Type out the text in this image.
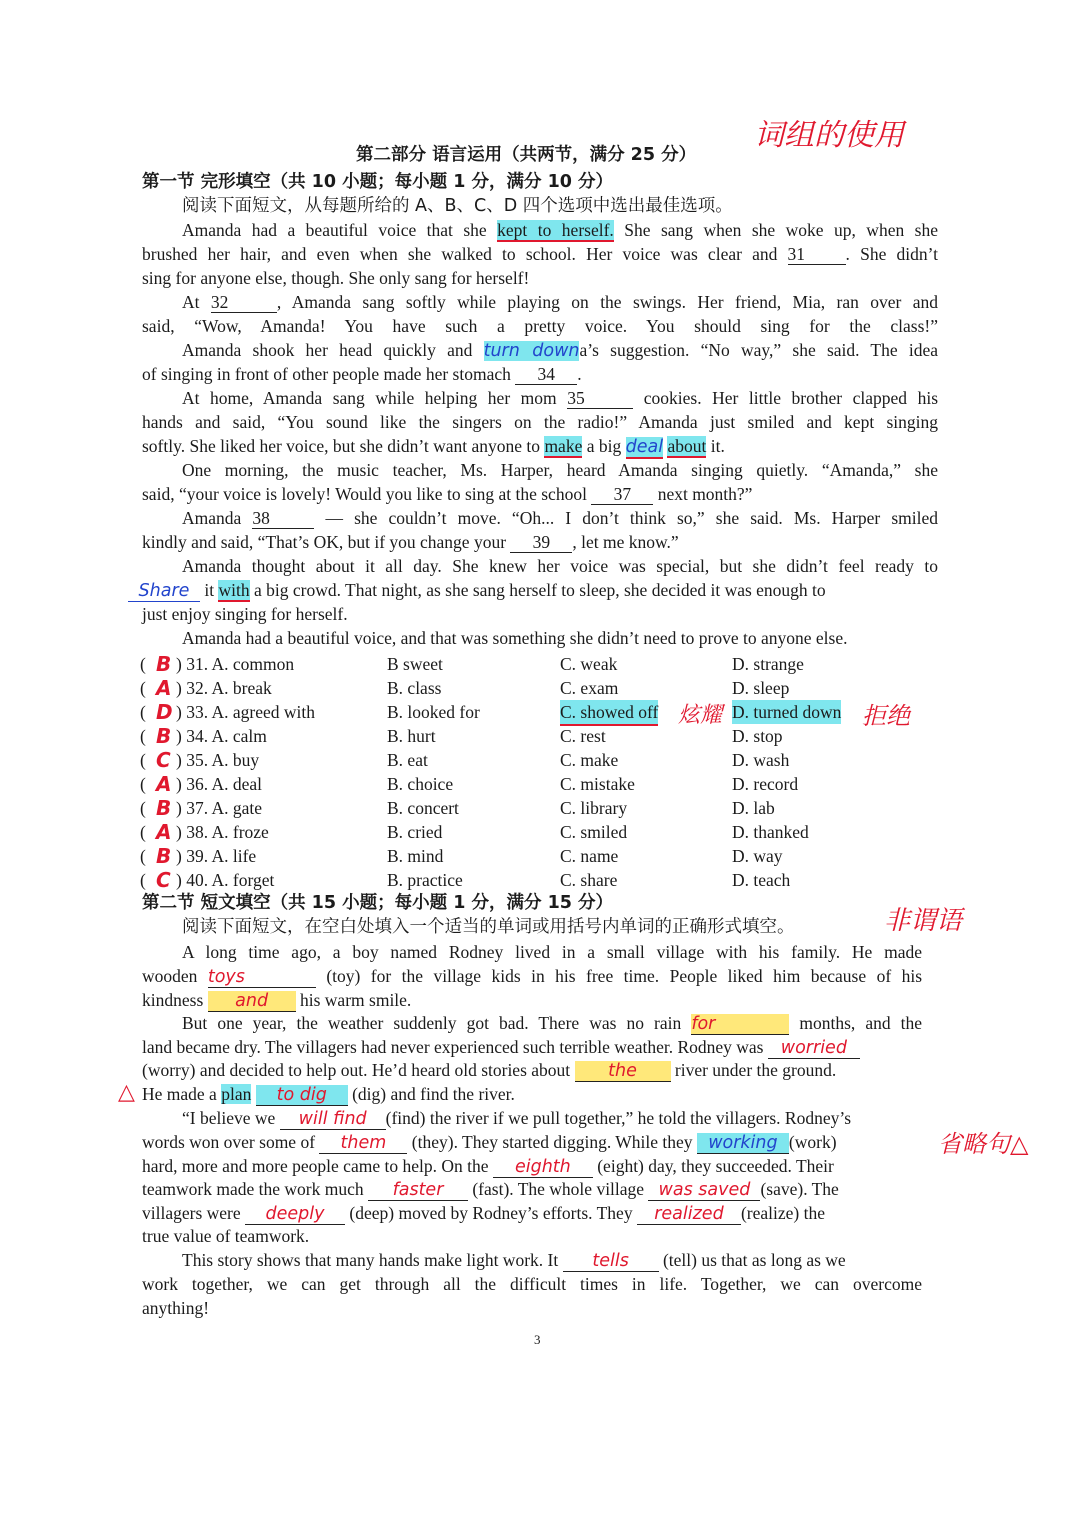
第二部分 语言运用（共两节，满分 25 分）
词组的使用
第一节 完形填空（共 10 小题；每小题 1 分，满分 10 分）
阅读下面短文，从每题所给的 A、B、C、D 四个选项中选出最佳选项。
Amanda had a beautiful voice that she kept to herself. She sang when she woke up, when she
brushed her hair, and even when she walked to school. Her voice was clear and 31 . She didn’t
sing for anyone else, though. She only sang for herself!
At 32	, Amanda sang softly while playing on the swings. Her friend, Mia, ran over and
said, “Wow, Amanda! You have such a pretty voice. You should sing for the class!”
Amanda shook her head quickly and turn downa’s suggestion. “No way,” she said. The idea
of singing in front of other people made her stomach 34 .
At home, Amanda sang while helping her mom 35	cookies. Her little brother clapped his
hands and said, “You sound like the singers on the radio!” Amanda just smiled and kept singing
softly. She liked her voice, but she didn’t want anyone to make a big deal about it.
One morning, the music teacher, Ms. Harper, heard Amanda singing quietly. “Amanda,” she
said, “your voice is lovely! Would you like to sing at the school 37 next month?”
Amanda 38	— she couldn’t move. “Oh... I don’t think so,” she said. Ms. Harper smiled
kindly and said, “That’s OK, but if you change your 39 , let me know.”
Amanda thought about it all day. She knew her voice was special, but she didn’t feel ready to
Share it with a big crowd. That night, as she sang herself to sleep, she decided it was enough to
just enjoy singing for herself.
Amanda had a beautiful voice, and that was something she didn’t need to prove to anyone else.
( B ) 31. A. common	B sweet	C. weak	D. strange
( A ) 32. A. break	B. class	C. exam	D. sleep
( D ) 33. A. agreed with	B. looked for	C. showed off	D. turned down
炫耀	拒绝
( B ) 34. A. calm	B. hurt	C. rest	D. stop
( C ) 35. A. buy	B. eat	C. make	D. wash
( A ) 36. A. deal	B. choice	C. mistake	D. record
( B ) 37. A. gate	B. concert	C. library	D. lab
( A ) 38. A. froze	B. cried	C. smiled	D. thanked
( B ) 39. A. life	B. mind	C. name	D. way
( C ) 40. A. forget	B. practice	C. share	D. teach
第二节 短文填空（共 15 小题；每小题 1 分，满分 15 分）
阅读下面短文，在空白处填入一个适当的单词或用括号内单词的正确形式填空。	非谓语
A long time ago, a boy named Rodney lived in a small village with his family. He made
wooden toys	(toy) for the village kids in his free time. People liked him because of his
kindness and his warm smile.
But one year, the weather suddenly got bad. There was no rain for	months, and the
land became dry. The villagers had never experienced such terrible weather. Rodney was worried
(worry) and decided to help out. He’d heard old stories about the river under the ground.
△ He made a plan to dig (dig) and find the river.
“I believe we will find (find) the river if we pull together,” he told the villagers. Rodney’s
words won over some of them (they). They started digging. While they working (work)	省略句△
hard, more and more people came to help. On the eighth (eight) day, they succeeded. Their
teamwork made the work much faster (fast). The whole village was saved (save). The
villagers were deeply (deep) moved by Rodney’s efforts. They realized (realize) the
true value of teamwork.
This story shows that many hands make light work. It tells (tell) us that as long as we
work together, we can get through all the difficult times in life. Together, we can overcome
anything!
3
